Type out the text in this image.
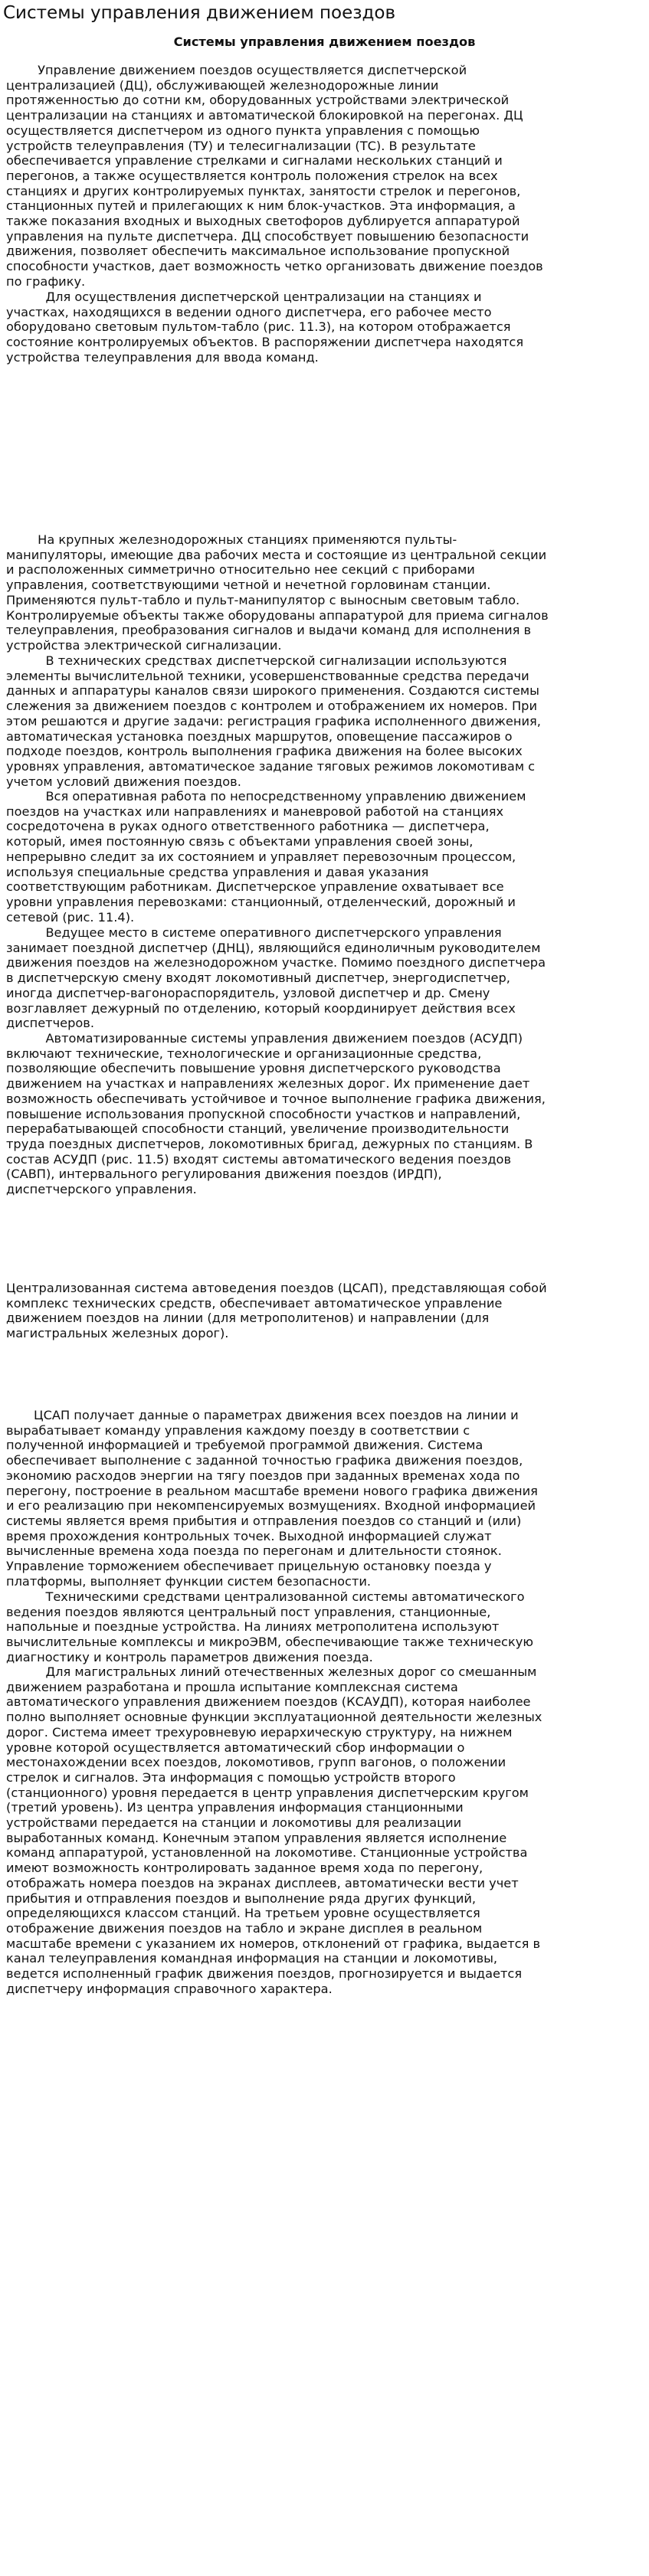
Системы управления движением поездов
Системы управления движением поездов

Управление движением поездов осуществляется диспетчерской
централизацией (ДЦ), обслуживающей железнодорожные линии
протяженностью до сотни км, оборудованных устройствами электрической
централизации на станциях и автоматической блокировкой на перегонах. ДЦ
осуществляется диспетчером из одного пункта управления с помощью
устройств телеуправления (ТУ) и телесигнализации (ТС). В результате
обеспечивается управление стрелками и сигналами нескольких станций и
перегонов, а также осуществляется контроль положения стрелок на всех
станциях и других контролируемых пунктах, занятости стрелок и перегонов,
станционных путей и прилегающих к ним блок-участков. Эта информация, а
также показания входных и выходных светофоров дублируется аппаратурой
управления на пульте диспетчера. ДЦ способствует повышению безопасности
движения, позволяет обеспечить максимальное использование пропускной
способности участков, дает возможность четко организовать движение поездов
по графику.

Для осуществления диспетчерской централизации на станциях и
участках, находящихся в ведении одного диспетчера, его рабочее место
оборудовано световым пультом-табло (рис. 11.3), на котором отображается
состояние контролируемых объектов. В распоряжении диспетчера находятся
устройства телеуправления для ввода команд.

На крупных железнодорожных станциях применяются пульты-
манипуляторы, имеющие два рабочих места и состоящие из центральной секции
и расположенных симметрично относительно нее секций с приборами
управления, соответствующими четной и нечетной горловинам станции.
Применяются пульт-табло и пульт-манипулятор с выносным световым табло.
Контролируемые объекты также оборудованы аппаратурой для приема сигналов
телеуправления, преобразования сигналов и выдачи команд для исполнения в
устройства электрической сигнализации.

В технических средствах диспетчерской сигнализации используются
элементы вычислительной техники, усовершенствованные средства передачи
данных и аппаратуры каналов связи широкого применения. Создаются системы
слежения за движением поездов с контролем и отображением их номеров. При
этом решаются и другие задачи: регистрация графика исполненного движения,
автоматическая установка поездных маршрутов, оповещение пассажиров о
подходе поездов, контроль выполнения графика движения на более высоких
уровнях управления, автоматическое задание тяговых режимов локомотивам с
учетом условий движения поездов.

Вся оперативная работа по непосредственному управлению движением
поездов на участках или направлениях и маневровой работой на станциях
сосредоточена в руках одного ответственного работника — диспетчера,
который, имея постоянную связь с объектами управления своей зоны,
непрерывно следит за их состоянием и управляет перевозочным процессом,
используя специальные средства управления и давая указания
соответствующим работникам. Диспетчерское управление охватывает все
уровни управления перевозками: станционный, отделенческий, дорожный и
сетевой (рис. 11.4).

Ведущее место в системе оперативного диспетчерского управления
занимает поездной диспетчер (ДНЦ), являющийся единоличным руководителем
движения поездов на железнодорожном участке. Помимо поездного диспетчера
в диспетчерскую смену входят локомотивный диспетчер, энергодиспетчер,
иногда диспетчер-вагонораспорядитель, узловой диспетчер и др. Смену
возглавляет дежурный по отделению, который координирует действия всех
диспетчеров.

Автоматизированные системы управления движением поездов (АСУДП)
включают технические, технологические и организационные средства,
позволяющие обеспечить повышение уровня диспетчерского руководства
движением на участках и направлениях железных дорог. Их применение дает
возможность обеспечивать устойчивое и точное выполнение графика движения,
повышение использования пропускной способности участков и направлений,
перерабатывающей способности станций, увеличение производительности
труда поездных диспетчеров, локомотивных бригад, дежурных по станциям. В
состав АСУДП (рис. 11.5) входят системы автоматического ведения поездов
(САВП), интервального регулирования движения поездов (ИРДП),
диспетчерского управления.

Централизованная система автоведения поездов (ЦСАП), представляющая собой
комплекс технических средств, обеспечивает автоматическое управление
движением поездов на линии (для метрополитенов) и направлении (для
магистральных железных дорог).

ЦСАП получает данные о параметрах движения всех поездов на линии и
вырабатывает команду управления каждому поезду в соответствии с
полученной информацией и требуемой программой движения. Система
обеспечивает выполнение с заданной точностью графика движения поездов,
экономию расходов энергии на тягу поездов при заданных временах хода по
перегону, построение в реальном масштабе времени нового графика движения
и его реализацию при некомпенсируемых возмущениях. Входной информацией
системы является время прибытия и отправления поездов со станций и (или)
время прохождения контрольных точек. Выходной информацией служат
вычисленные времена хода поезда по перегонам и длительности стоянок.
Управление торможением обеспечивает прицельную остановку поезда у
платформы, выполняет функции систем безопасности.

Техническими средствами централизованной системы автоматического
ведения поездов являются центральный пост управления, станционные,
напольные и поездные устройства. На линиях метрополитена используют
вычислительные комплексы и микроЭВМ, обеспечивающие также техническую
диагностику и контроль параметров движения поезда.

Для магистральных линий отечественных железных дорог со смешанным
движением разработана и прошла испытание комплексная система
автоматического управления движением поездов (КСАУДП), которая наиболее
полно выполняет основные функции эксплуатационной деятельности железных
дорог. Система имеет трехуровневую иерархическую структуру, на нижнем
уровне которой осуществляется автоматический сбор информации о
местонахождении всех поездов, локомотивов, групп вагонов, о положении
стрелок и сигналов. Эта информация с помощью устройств второго
(станционного) уровня передается в центр управления диспетчерским кругом
(третий уровень). Из центра управления информация станционными
устройствами передается на станции и локомотивы для реализации
выработанных команд. Конечным этапом управления является исполнение
команд аппаратурой, установленной на локомотиве. Станционные устройства
имеют возможность контролировать заданное время хода по перегону,
отображать номера поездов на экранах дисплеев, автоматически вести учет
прибытия и отправления поездов и выполнение ряда других функций,
определяющихся классом станций. На третьем уровне осуществляется
отображение движения поездов на табло и экране дисплея в реальном
масштабе времени с указанием их номеров, отклонений от графика, выдается в
канал телеуправления командная информация на станции и локомотивы,
ведется исполненный график движения поездов, прогнозируется и выдается
диспетчеру информация справочного характера.
